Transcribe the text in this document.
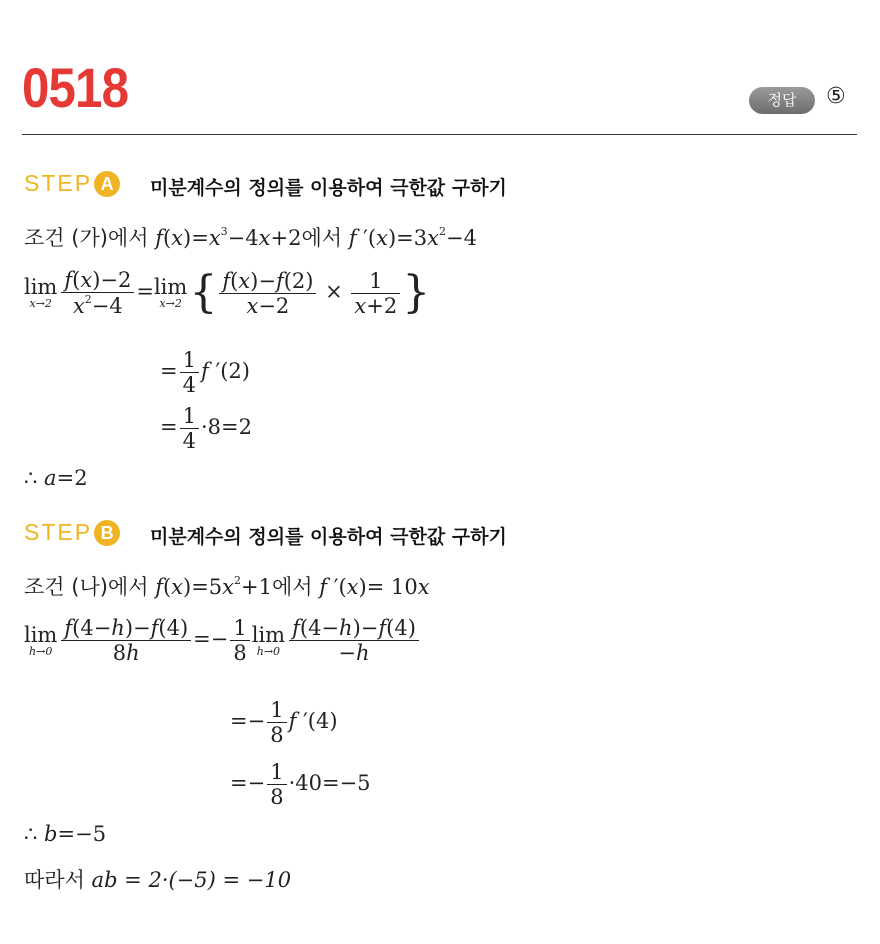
0518	정답	⑤
STEP A	미분계수의 정의를 이용하여 극한값 구하기
조건 (가)에서 $f(x)=x^3-4x+2$에서 f $'(x)=3x^2-4$
lim
$x\to 2 \frac{f(x)-2}{x^2-4} = \lim$
x→2 { $\frac{f(x)-f(2)}{x-2} \times \frac{1}{x+2}$ }
= $\frac{1}{4}$ f ′(2)
= $\frac{1}{4} \cdot 8=2$
∴ a=2
STEP B	미분계수의 정의를 이용하여 극한값 구하기
조건 (나)에서 $f(x)=5x^2+1$에서 f ′(x)= 10x
lim
$h\to 0 \frac{f(4-h)-f(4)}{8h} =- \frac{1}{8}$ lim
$h\to 0 \frac{f(4-h)-f(4)}{-h}$
=− $\frac{1}{8}$ f ′(4)
=− $\frac{1}{8} \cdot 40=-5$
∴ b=−5
따라서 ab = 2·(−5) = −10
